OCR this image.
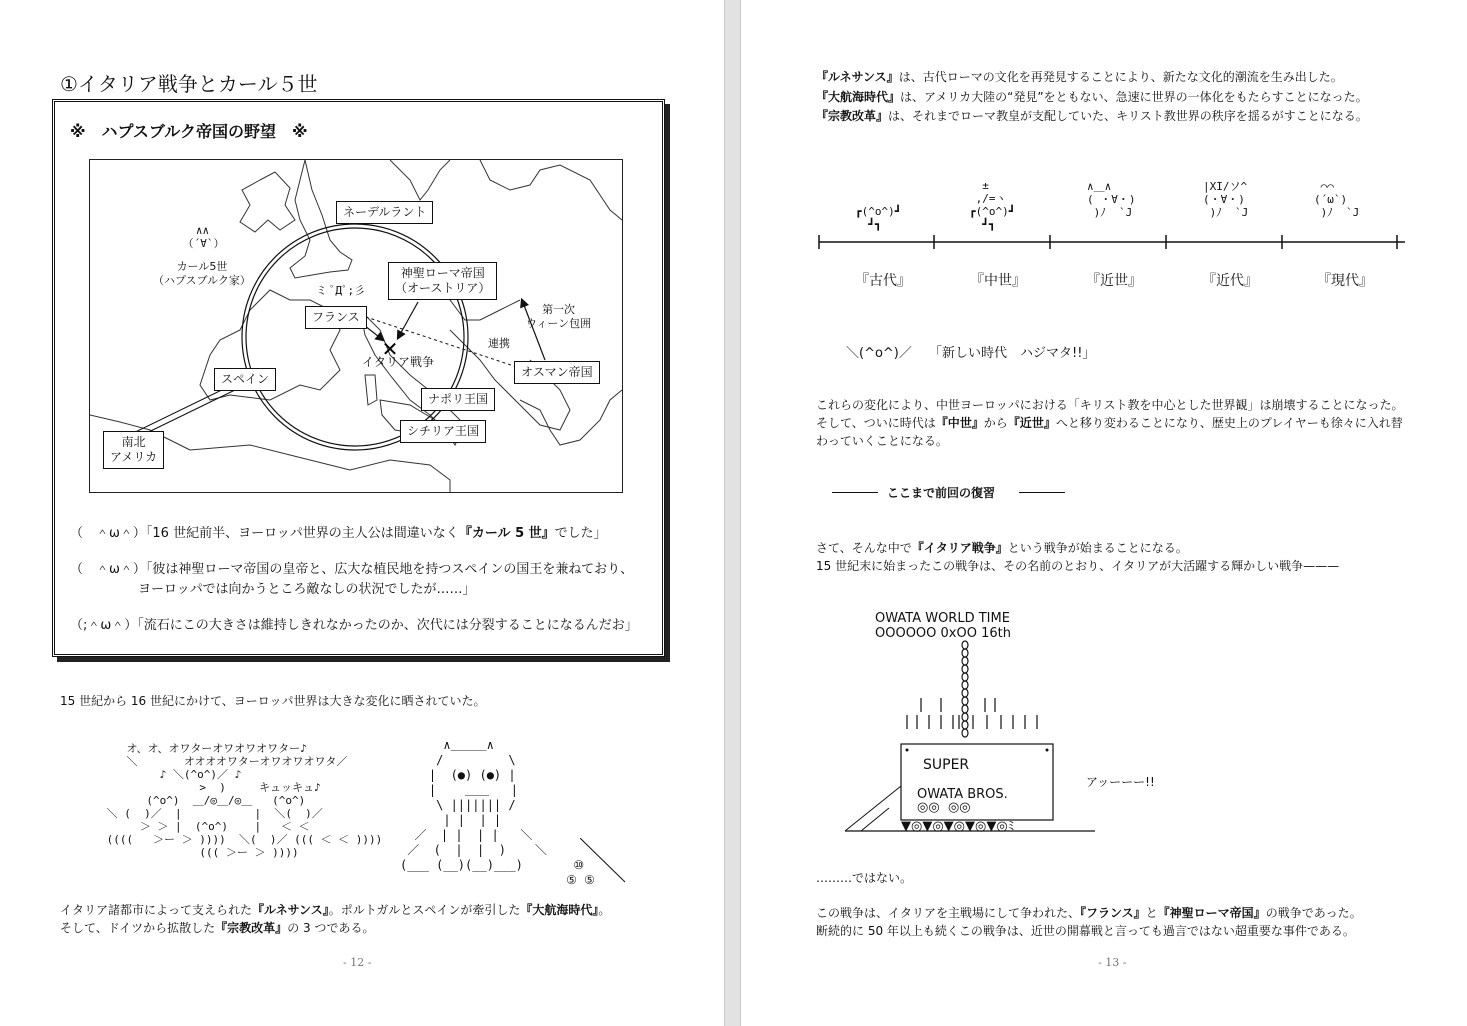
①イタリア戦争とカール５世
※　ハプスブルク帝国の野望　※
✕
ネーデルラント
神聖ローマ帝国
（オーストリア）
フランス
スペイン
ナポリ王国
シチリア王国
オスマン帝国
南北
アメリカ
カール5世
（ハプスブルク家）
∧∧
（´∀`）
ミ ﾟДﾟ;彡
イタリア戦争
第一次
ウィーン包囲
連携
（　＾ω＾）「16 世紀前半、ヨーロッパ世界の主人公は間違いなく『カール 5 世』でした」
（　＾ω＾）「彼は神聖ローマ帝国の皇帝と、広大な植民地を持つスペインの国王を兼ねており、
ヨーロッパでは向かうところ敵なしの状況でしたが……」
（;＾ω＾）「流石にこの大きさは維持しきれなかったのか、次代には分裂することになるんだお」
15 世紀から 16 世紀にかけて、ヨーロッパ世界は大きな変化に晒されていた。
オ、オ、オワターオワオワオワター♪
＼       オオオオワターオワオワオワタ／
♪ ＼(^o^)／ ♪
>  )     キュッキュ♪
(^o^)  ＿/◎＿/◎＿   (^o^)
＼ (  )／  |           |  ＼(  )／
＞ ＞ |  (^o^)    |   ＜ ＜
((((   ＞ー ＞ ))))  ＼(  )／ ((( ＜ ＜ ))))
((( ＞ー ＞ ))))
∧＿＿＿∧
/         \
|  (●) (●) |
|    ＿＿   |
\ ||||||| /
| |  | |
／  | |  | |   ＼
／  (  |  |  )    ＼
(___ (__)(__)___)       ⑩
⑤ ⑤
イタリア諸都市によって支えられた『ルネサンス』。ポルトガルとスペインが牽引した『大航海時代』。
そして、ドイツから拡散した『宗教改革』の 3 つである。
- 12 -
『ルネサンス』は、古代ローマの文化を再発見することにより、新たな文化的潮流を生み出した。
『大航海時代』は、アメリカ大陸の“発見”をともない、急速に世界の一体化をもたらすことになった。
『宗教改革』は、それまでローマ教皇が支配していた、キリスト教世界の秩序を揺るがすことになる。

┏(^o^)┛
┛┓
±
,/=ヽ
┏(^o^)┛
┛┓
∧＿∧
( ・∀・)
)ﾉ  `J
|XI/ソ^
(・∀・)
)ﾉ  `J
⌒⌒
(´ω`)
)ﾉ  `J
『古代』	『中世』	『近世』	『近代』	『現代』
＼(^o^)／ 「新しい時代　ハジマタ!!」
これらの変化により、中世ヨーロッパにおける「キリスト教を中心とした世界観」は崩壊することになった。
そして、ついに時代は『中世』から『近世』へと移り変わることになり、歴史上のプレイヤーも徐々に入れ替
わっていくことになる。
ここまで前回の復習
さて、そんな中で『イタリア戦争』という戦争が始まることになる。
15 世紀末に始まったこの戦争は、その名前のとおり、イタリアが大活躍する輝かしい戦争———
OWATA WORLD TIME
OOOOOO 0xOO 16th
SUPER
OWATA BROS.
◎◎  ◎◎
▼◎▼◎▼◎▼◎▼◎ﾐ
アッーーー!!
………ではない。
この戦争は、イタリアを主戦場にして争われた、『フランス』と『神聖ローマ帝国』の戦争であった。
断続的に 50 年以上も続くこの戦争は、近世の開幕戦と言っても過言ではない超重要な事件である。
- 13 -
